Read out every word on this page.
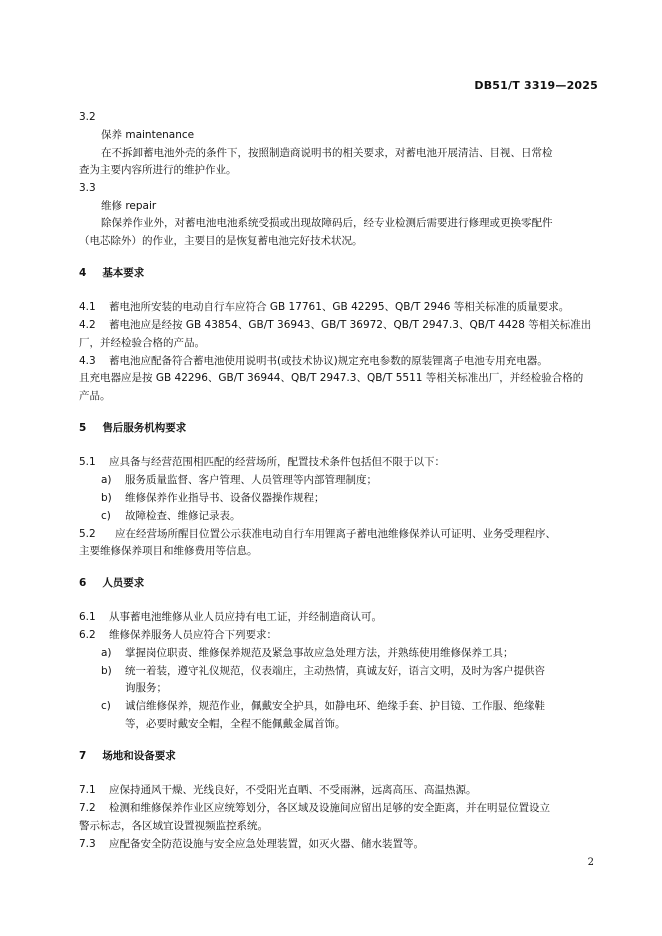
DB51/T 3319—2025
3.2
保养 maintenance
在不拆卸蓄电池外壳的条件下，按照制造商说明书的相关要求，对蓄电池开展清洁、目视、日常检
查为主要内容所进行的维护作业。
3.3
维修 repair
除保养作业外，对蓄电池电池系统受损或出现故障码后，经专业检测后需要进行修理或更换零配件
（电芯除外）的作业，主要目的是恢复蓄电池完好技术状况。
4 基本要求
4.1 蓄电池所安装的电动自行车应符合 GB 17761、GB 42295、QB/T 2946 等相关标准的质量要求。
4.2 蓄电池应是经按 GB 43854、GB/T 36943、GB/T 36972、QB/T 2947.3、QB/T 4428 等相关标准出
厂，并经检验合格的产品。
4.3 蓄电池应配备符合蓄电池使用说明书(或技术协议)规定充电参数的原装锂离子电池专用充电器。
且充电器应是按 GB 42296、GB/T 36944、QB/T 2947.3、QB/T 5511 等相关标准出厂，并经检验合格的
产品。
5 售后服务机构要求
5.1 应具备与经营范围相匹配的经营场所，配置技术条件包括但不限于以下：
a) 服务质量监督、客户管理、人员管理等内部管理制度；
b) 维修保养作业指导书、设备仪器操作规程；
c) 故障检查、维修记录表。
5.2 应在经营场所醒目位置公示获准电动自行车用锂离子蓄电池维修保养认可证明、业务受理程序、
主要维修保养项目和维修费用等信息。
6 人员要求
6.1 从事蓄电池维修从业人员应持有电工证，并经制造商认可。
6.2 维修保养服务人员应符合下列要求：
a) 掌握岗位职责、维修保养规范及紧急事故应急处理方法，并熟练使用维修保养工具；
b) 统一着装，遵守礼仪规范，仪表端庄，主动热情，真诚友好，语言文明，及时为客户提供咨
询服务；
c) 诚信维修保养，规范作业，佩戴安全护具，如静电环、绝缘手套、护目镜、工作服、绝缘鞋
等，必要时戴安全帽，全程不能佩戴金属首饰。
7 场地和设备要求
7.1 应保持通风干燥、光线良好，不受阳光直晒、不受雨淋，远离高压、高温热源。
7.2 检测和维修保养作业区应统筹划分，各区域及设施间应留出足够的安全距离，并在明显位置设立
警示标志，各区域宜设置视频监控系统。
7.3 应配备安全防范设施与安全应急处理装置，如灭火器、储水装置等。
2
